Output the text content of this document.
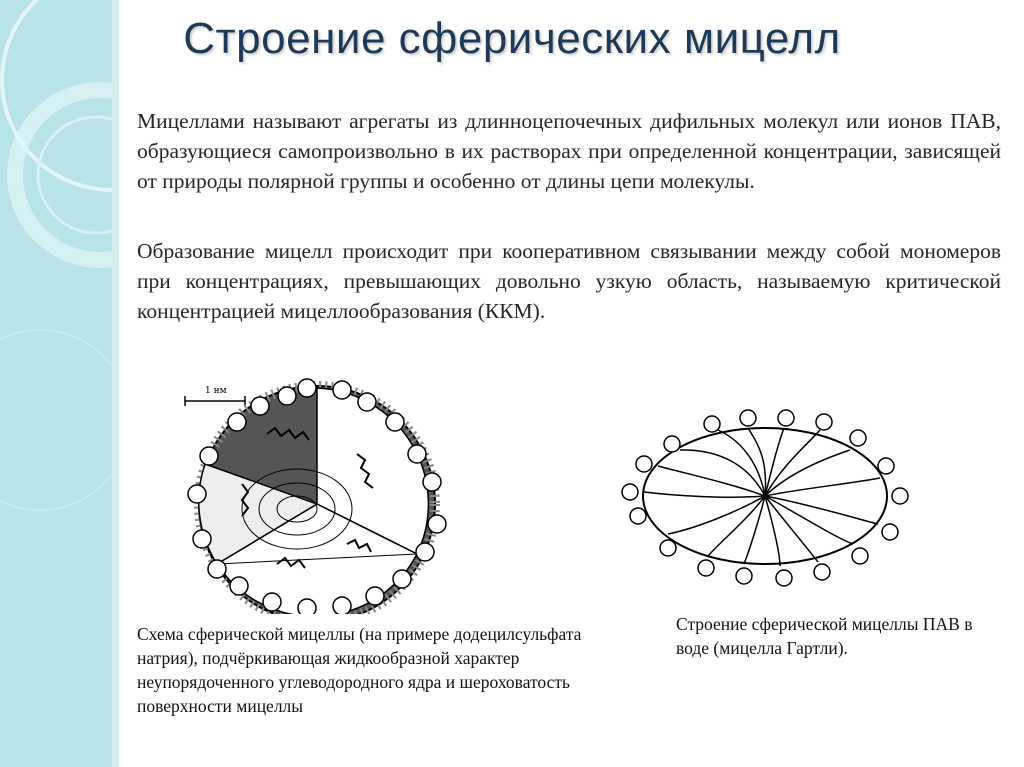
Строение сферических мицелл
Мицеллами называют агрегаты из длинноцепочечных дифильных молекул или ионов ПАВ, образующиеся самопроизвольно в их растворах при определенной концентрации, зависящей от природы полярной группы и особенно от длины цепи молекулы.
Образование мицелл происходит при кооперативном связывании между собой мономеров при концентрациях, превышающих довольно узкую область, называемую критической концентрацией мицеллообразования (ККМ).
1 нм
Схема сферической мицеллы (на примере додецилсульфата натрия), подчёркивающая жидкообразной характер неупорядоченного углеводородного ядра и шероховатость поверхности мицеллы
Строение сферической мицеллы ПАВ в воде (мицелла Гартли).
